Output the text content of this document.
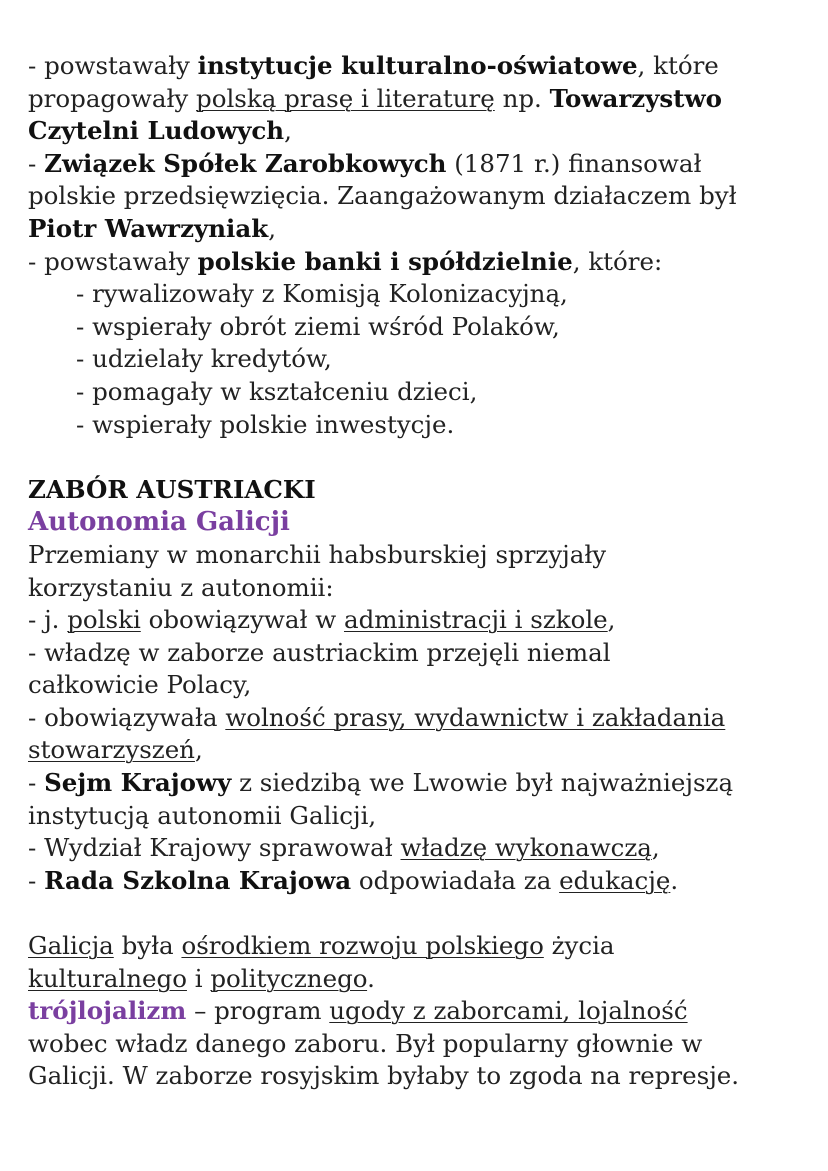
- powstawały instytucje kulturalno-oświatowe, które
propagowały polską prasę i literaturę np. Towarzystwo
Czytelni Ludowych,
- Związek Spółek Zarobkowych (1871 r.) finansował
polskie przedsięwzięcia. Zaangażowanym działaczem był
Piotr Wawrzyniak,
- powstawały polskie banki i spółdzielnie, które:
- rywalizowały z Komisją Kolonizacyjną,
- wspierały obrót ziemi wśród Polaków,
- udzielały kredytów,
- pomagały w kształceniu dzieci,
- wspierały polskie inwestycje.
ZABÓR AUSTRIACKI
Autonomia Galicji
Przemiany w monarchii habsburskiej sprzyjały
korzystaniu z autonomii:
- j. polski obowiązywał w administracji i szkole,
- władzę w zaborze austriackim przejęli niemal
całkowicie Polacy,
- obowiązywała wolność prasy, wydawnictw i zakładania
stowarzyszeń,
- Sejm Krajowy z siedzibą we Lwowie był najważniejszą
instytucją autonomii Galicji,
- Wydział Krajowy sprawował władzę wykonawczą,
- Rada Szkolna Krajowa odpowiadała za edukację.
Galicja była ośrodkiem rozwoju polskiego życia
kulturalnego i politycznego.
trójlojalizm – program ugody z zaborcami, lojalność
wobec władz danego zaboru. Był popularny głownie w
Galicji. W zaborze rosyjskim byłaby to zgoda na represje.
